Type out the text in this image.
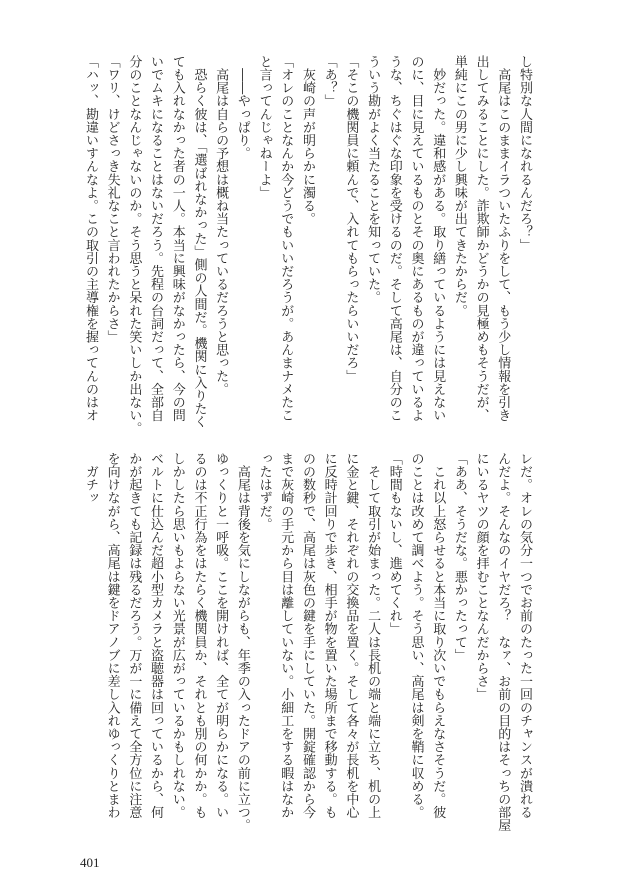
し特別な人間になれるんだろ？」
　高尾はこのままイラついたふりをして、もう少し情報を引き
出してみることにした。詐欺師かどうかの見極めもそうだが、
単純にこの男に少し興味が出てきたからだ。
　妙だった。違和感がある。取り繕っているようには見えない
のに、目に見えているものとその奥にあるものが違っているよ
うな、ちぐはぐな印象を受けるのだ。そして高尾は、自分のこ
ういう勘がよく当たることを知っていた。
「そこの機関員に頼んで、入れてもらったらいいだろ」
「あ？」
　灰崎の声が明らかに濁る。
「オレのことなんか今どうでもいいだろうが。あんまナメたこ
と言ってんじゃねーよ」
　――やっぱり。
　高尾は自らの予想は概ね当たっているだろうと思った。
　恐らく彼は、「選ばれなかった」側の人間だ。機関に入りたく
ても入れなかった者の一人。本当に興味がなかったら、今の問
いでムキになることはないだろう。先程の台詞だって、全部自
分のことなんじゃないのか。そう思うと呆れた笑いしか出ない。
「ワリ、けどさっき失礼なこと言われたからさ」
「ハッ、勘違いすんなよ。この取引の主導権を握ってんのはオ
レだ。オレの気分一つでお前のたった一回のチャンスが潰れる
んだよ。そんなのイヤだろ？　なァ、お前の目的はそっちの部屋
にいるヤツの顔を拝むことなんだからさ」
「ああ、そうだな。悪かったって」
　これ以上怒らせると本当に取り次いでもらえなさそうだ。彼
のことは改めて調べよう。そう思い、高尾は剣を鞘に収める。
「時間もないし、進めてくれ」
　そして取引が始まった。二人は長机の端と端に立ち、机の上
に金と鍵、それぞれの交換品を置く。そして各々が長机を中心
に反時計回りで歩き、相手が物を置いた場所まで移動する。も
のの数秒で、高尾は灰色の鍵を手にしていた。開錠確認から今
まで灰崎の手元から目は離していない。小細工をする暇はなか
ったはずだ。
　高尾は背後を気にしながらも、年季の入ったドアの前に立つ。
ゆっくりと一呼吸。ここを開ければ、全てが明らかになる。い
るのは不正行為をはたらく機関員か、それとも別の何かか。も
しかしたら思いもよらない光景が広がっているかもしれない。
ベルトに仕込んだ超小型カメラと盗聴器は回っているから、何
かが起きても記録は残るだろう。万が一に備えて全方位に注意
を向けながら、高尾は鍵をドアノブに差し入れゆっくりとまわ
　ガチッ
401
